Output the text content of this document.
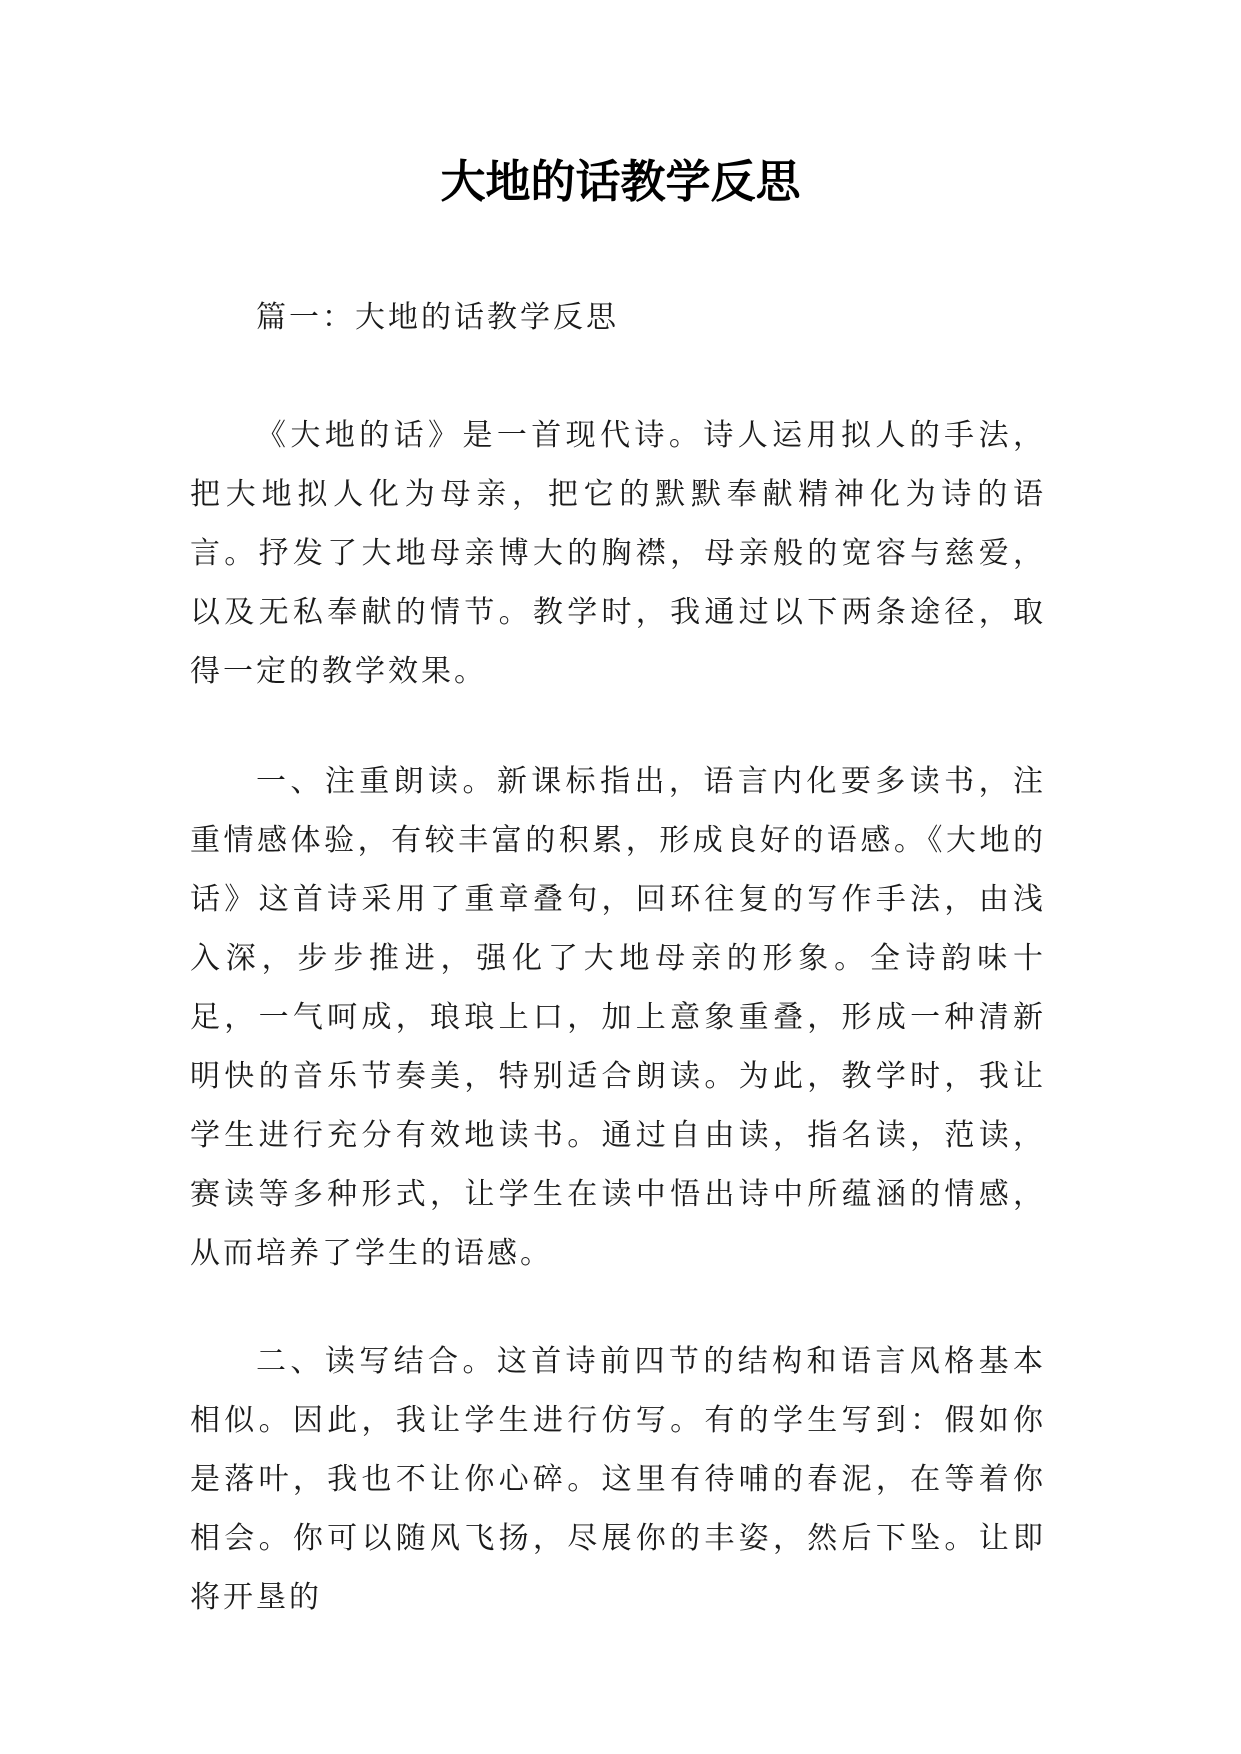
大地的话教学反思

篇一：大地的话教学反思

《大地的话》是一首现代诗。诗人运用拟人的手法，把大地拟人化为母亲，把它的默默奉献精神化为诗的语言。抒发了大地母亲博大的胸襟，母亲般的宽容与慈爱，以及无私奉献的情节。教学时，我通过以下两条途径，取得一定的教学效果。

一、注重朗读。新课标指出，语言内化要多读书，注重情感体验，有较丰富的积累，形成良好的语感。《大地的话》这首诗采用了重章叠句，回环往复的写作手法，由浅入深，步步推进，强化了大地母亲的形象。全诗韵味十足，一气呵成，琅琅上口，加上意象重叠，形成一种清新明快的音乐节奏美，特别适合朗读。为此，教学时，我让学生进行充分有效地读书。通过自由读，指名读，范读，赛读等多种形式，让学生在读中悟出诗中所蕴涵的情感，从而培养了学生的语感。

二、读写结合。这首诗前四节的结构和语言风格基本相似。因此，我让学生进行仿写。有的学生写到：假如你是落叶，我也不让你心碎。这里有待哺的春泥，在等着你相会。你可以随风飞扬，尽展你的丰姿，然后下坠。让即将开垦的
